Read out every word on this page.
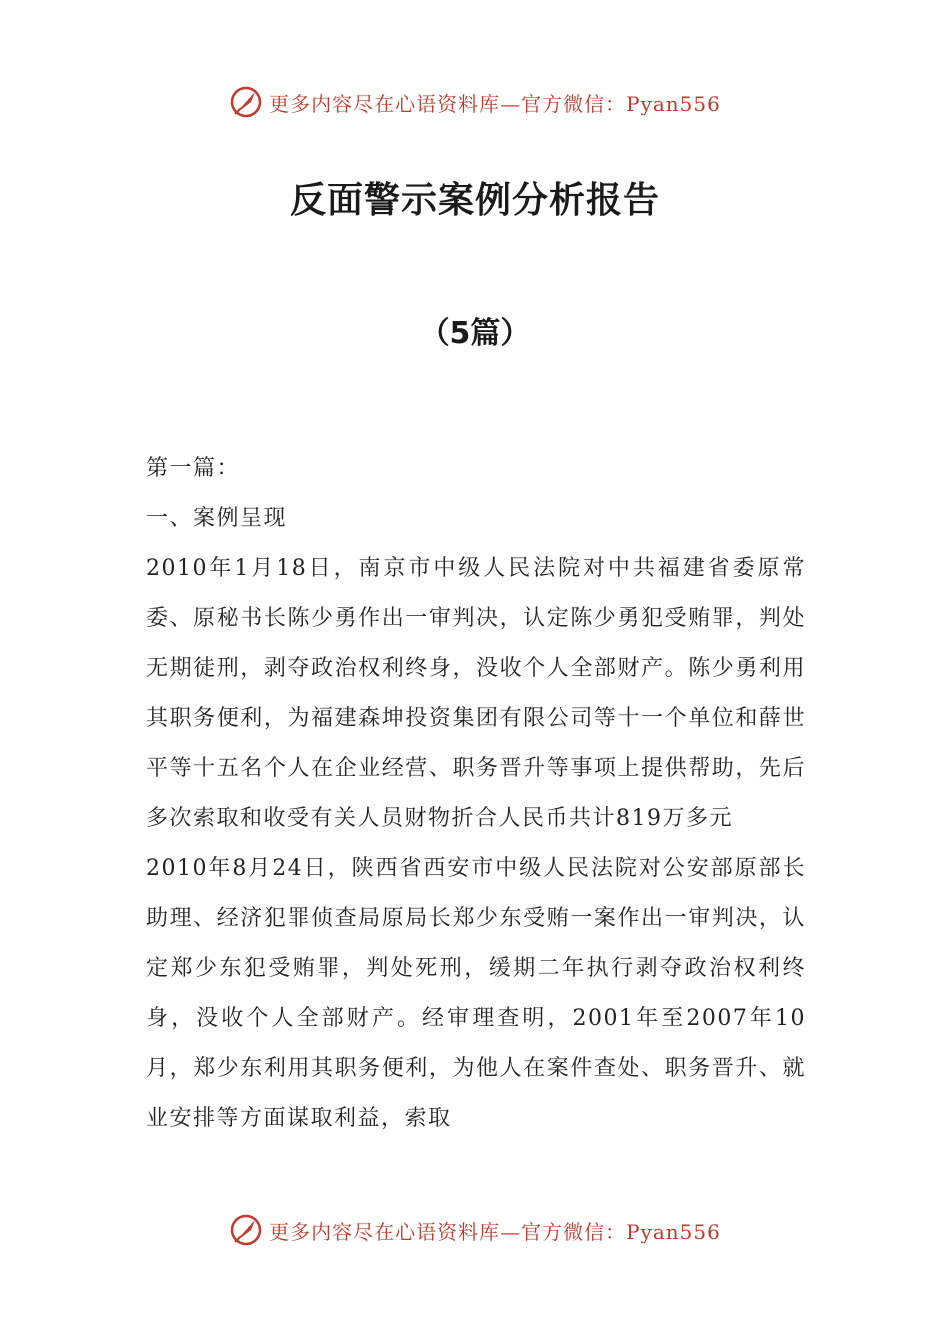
更多内容尽在心语资料库—官方微信：Pyan556
反面警示案例分析报告
（5篇）

第一篇：

一、案例呈现

2010年1月18日，南京市中级人民法院对中共福建省委原常委、原秘书长陈少勇作出一审判决，认定陈少勇犯受贿罪，判处无期徒刑，剥夺政治权利终身，没收个人全部财产。陈少勇利用其职务便利，为福建森坤投资集团有限公司等十一个单位和薛世平等十五名个人在企业经营、职务晋升等事项上提供帮助，先后多次索取和收受有关人员财物折合人民币共计819万多元

2010年8月24日，陕西省西安市中级人民法院对公安部原部长助理、经济犯罪侦查局原局长郑少东受贿一案作出一审判决，认定郑少东犯受贿罪，判处死刑，缓期二年执行剥夺政治权利终身，没收个人全部财产。经审理查明，2001年至2007年10月，郑少东利用其职务便利，为他人在案件查处、职务晋升、就业安排等方面谋取利益，索取

更多内容尽在心语资料库—官方微信：Pyan556
